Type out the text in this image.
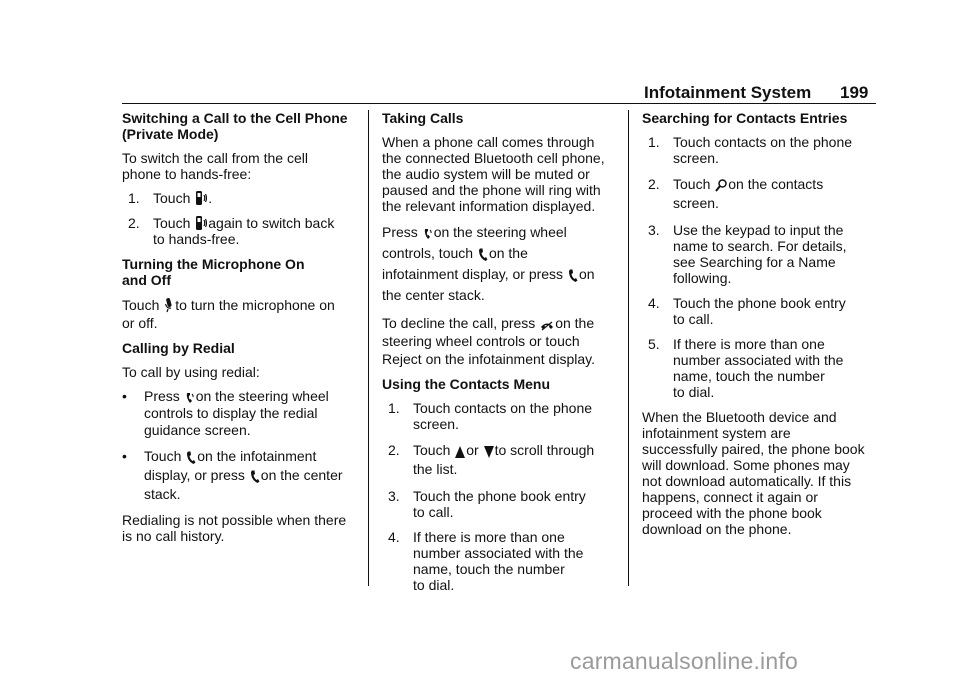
Infotainment System 199
Switching a Call to the Cell Phone
(Private Mode)

To switch the call from the cell
phone to hands-free:

1. Touch .
2. Touch again to switch back
to hands-free.
Turning the Microphone On
and Off

Touch to turn the microphone on
or off.

Calling by Redial

To call by using redial:

• Press on the steering wheel
controls to display the redial
guidance screen.
• Touch on the infotainment
display, or press on the center
stack.

Redialing is not possible when there
is no call history.

Taking Calls

When a phone call comes through
the connected Bluetooth cell phone,
the audio system will be muted or
paused and the phone will ring with
the relevant information displayed.

Press on the steering wheel
controls, touch on the
infotainment display, or press on
the center stack.

To decline the call, press on the
steering wheel controls or touch
Reject on the infotainment display.

Using the Contacts Menu
1. Touch contacts on the phone
screen.
2. Touch or to scroll through
the list.
3. Touch the phone book entry
to call.
4. If there is more than one
number associated with the
name, touch the number
to dial.
Searching for Contacts Entries
1. Touch contacts on the phone
screen.
2. Touch on the contacts
screen.
3. Use the keypad to input the
name to search. For details,
see Searching for a Name
following.
4. Touch the phone book entry
to call.
5. If there is more than one
number associated with the
name, touch the number
to dial.

When the Bluetooth device and
infotainment system are
successfully paired, the phone book
will download. Some phones may
not download automatically. If this
happens, connect it again or
proceed with the phone book
download on the phone.

carmanualsonline.info
